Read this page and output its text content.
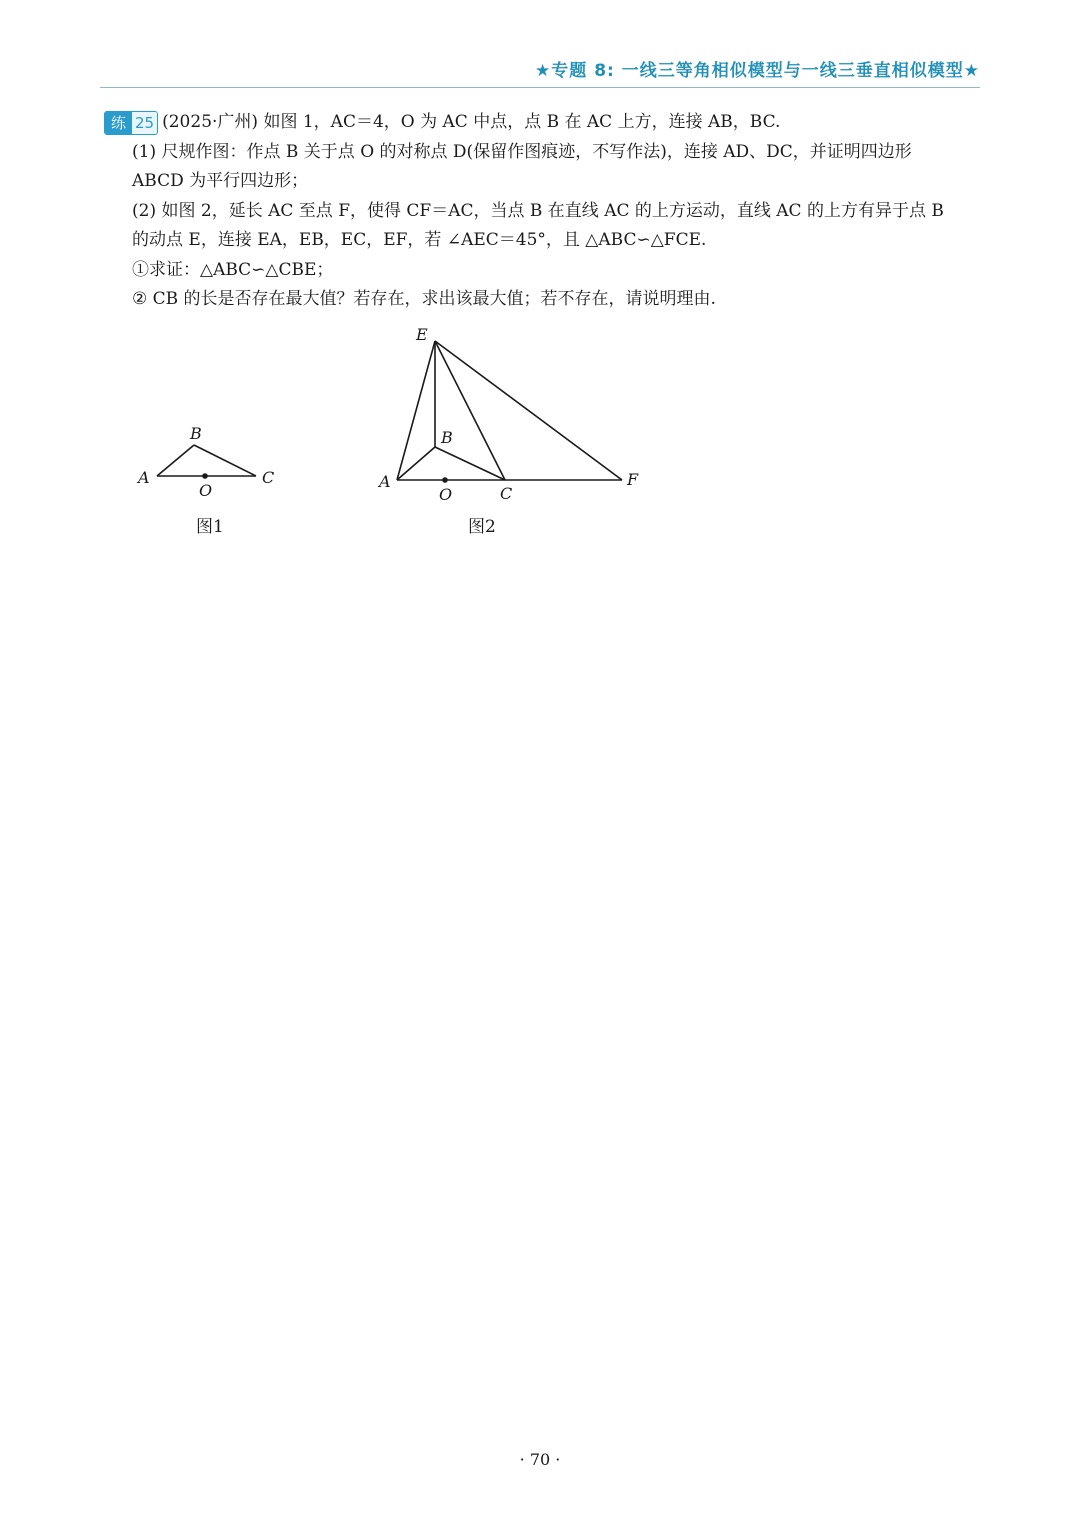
★专题 8: 一线三等角相似模型与一线三垂直相似模型★
练 25 (2025·广州) 如图 1，AC＝4，O 为 AC 中点，点 B 在 AC 上方，连接 AB，BC.
(1) 尺规作图：作点 B 关于点 O 的对称点 D(保留作图痕迹，不写作法)，连接 AD、DC，并证明四边形
ABCD 为平行四边形；
(2) 如图 2，延长 AC 至点 F，使得 CF＝AC，当点 B 在直线 AC 的上方运动，直线 AC 的上方有异于点 B
的动点 E，连接 EA，EB，EC，EF，若 ∠AEC＝45°，且 △ABC∽△FCE.
①求证：△ABC∽△CBE；
② CB 的长是否存在最大值？若存在，求出该最大值；若不存在，请说明理由.
A
B
C
O
图1
E
B
A
O	C
F
图2
· 70 ·
